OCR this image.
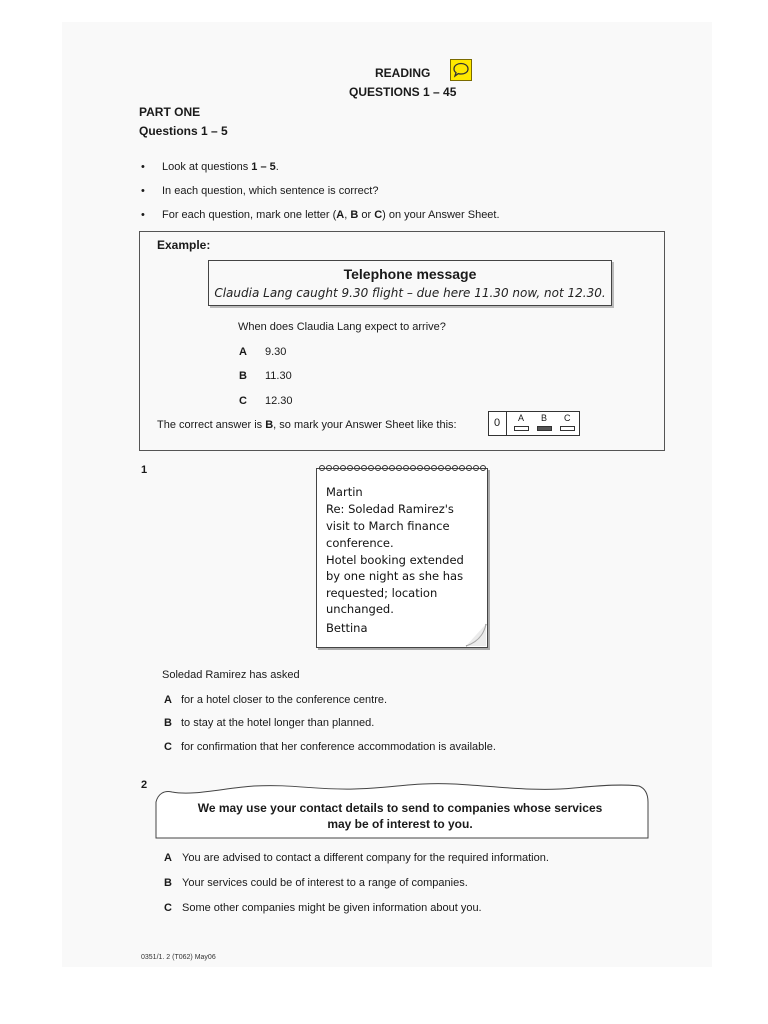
READING
QUESTIONS 1 – 45
PART ONE
Questions 1 – 5
• Look at questions 1 – 5.
• In each question, which sentence is correct?
• For each question, mark one letter (A, B or C) on your Answer Sheet.
Example:
Telephone message
Claudia Lang caught 9.30 flight – due here 11.30 now, not 12.30.
When does Claudia Lang expect to arrive?
A 9.30
B 11.30
C 12.30
The correct answer is B, so mark your Answer Sheet like this:	0 A B C
1
Martin
Re: Soledad Ramirez's
visit to March finance
conference.
Hotel booking extended
by one night as she has
requested; location
unchanged.
Bettina
Soledad Ramirez has asked
A for a hotel closer to the conference centre.
B to stay at the hotel longer than planned.
C for confirmation that her conference accommodation is available.
2
We may use your contact details to send to companies whose services
may be of interest to you.
A You are advised to contact a different company for the required information.
B Your services could be of interest to a range of companies.
C Some other companies might be given information about you.
0351/1. 2 (T062) May06
